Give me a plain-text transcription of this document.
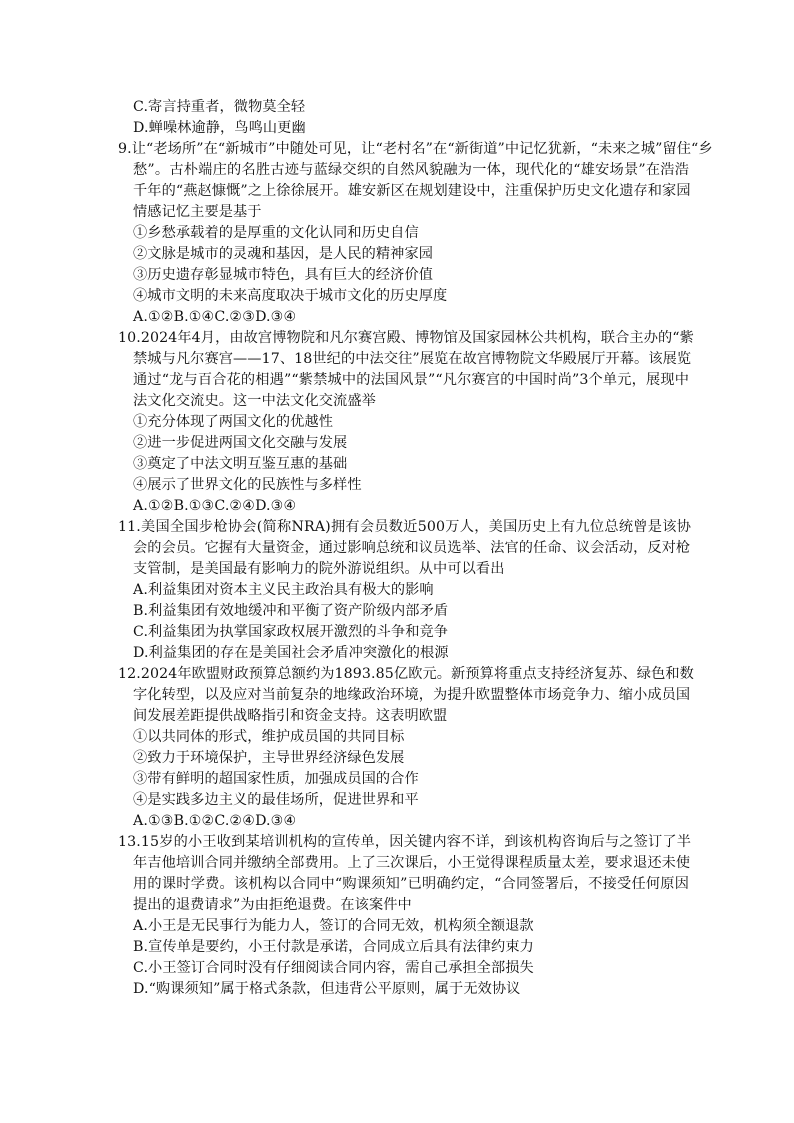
C.寄言持重者，微物莫全轻
D.蝉噪林逾静，鸟鸣山更幽
9.让“老场所”在“新城市”中随处可见，让“老村名”在“新街道”中记忆犹新，“未来之城”留住“乡
愁”。古朴端庄的名胜古迹与蓝绿交织的自然风貌融为一体，现代化的“雄安场景”在浩浩
千年的“燕赵慷慨”之上徐徐展开。雄安新区在规划建设中，注重保护历史文化遗存和家园
情感记忆主要是基于
①乡愁承载着的是厚重的文化认同和历史自信
②文脉是城市的灵魂和基因，是人民的精神家园
③历史遗存彰显城市特色，具有巨大的经济价值
④城市文明的未来高度取决于城市文化的历史厚度
A.①②B.①④C.②③D.③④
10.2024年4月，由故宫博物院和凡尔赛宫殿、博物馆及国家园林公共机构，联合主办的“紫
禁城与凡尔赛宫——17、18世纪的中法交往”展览在故宫博物院文华殿展厅开幕。该展览
通过“龙与百合花的相遇”“紫禁城中的法国风景”“凡尔赛宫的中国时尚”3个单元，展现中
法文化交流史。这一中法文化交流盛举
①充分体现了两国文化的优越性
②进一步促进两国文化交融与发展
③奠定了中法文明互鉴互惠的基础
④展示了世界文化的民族性与多样性
A.①②B.①③C.②④D.③④
11.美国全国步枪协会(简称NRA)拥有会员数近500万人，美国历史上有九位总统曾是该协
会的会员。它握有大量资金，通过影响总统和议员选举、法官的任命、议会活动，反对枪
支管制，是美国最有影响力的院外游说组织。从中可以看出
A.利益集团对资本主义民主政治具有极大的影响
B.利益集团有效地缓冲和平衡了资产阶级内部矛盾
C.利益集团为执掌国家政权展开激烈的斗争和竞争
D.利益集团的存在是美国社会矛盾冲突激化的根源
12.2024年欧盟财政预算总额约为1893.85亿欧元。新预算将重点支持经济复苏、绿色和数
字化转型，以及应对当前复杂的地缘政治环境，为提升欧盟整体市场竞争力、缩小成员国
间发展差距提供战略指引和资金支持。这表明欧盟
①以共同体的形式，维护成员国的共同目标
②致力于环境保护，主导世界经济绿色发展
③带有鲜明的超国家性质，加强成员国的合作
④是实践多边主义的最佳场所，促进世界和平
A.①③B.①②C.②④D.③④
13.15岁的小王收到某培训机构的宣传单，因关键内容不详，到该机构咨询后与之签订了半
年吉他培训合同并缴纳全部费用。上了三次课后，小王觉得课程质量太差，要求退还未使
用的课时学费。该机构以合同中“购课须知”已明确约定，“合同签署后，不接受任何原因
提出的退费请求”为由拒绝退费。在该案件中
A.小王是无民事行为能力人，签订的合同无效，机构须全额退款
B.宣传单是要约，小王付款是承诺，合同成立后具有法律约束力
C.小王签订合同时没有仔细阅读合同内容，需自己承担全部损失
D.“购课须知”属于格式条款，但违背公平原则，属于无效协议
